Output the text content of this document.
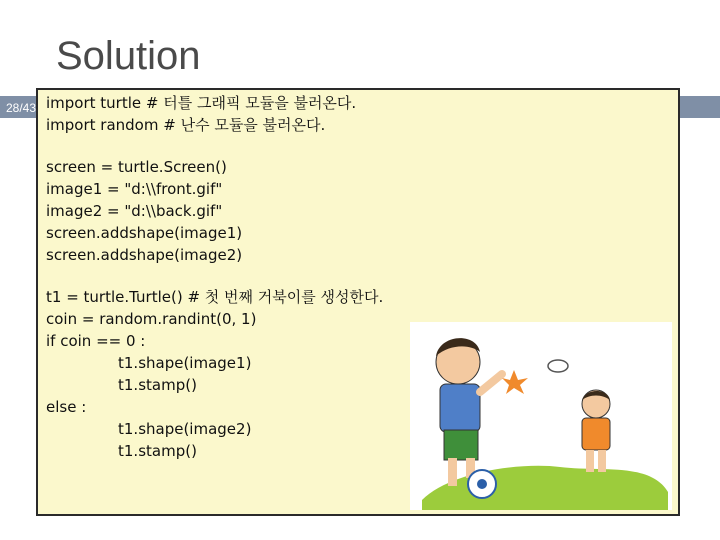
Solution
28/43 import turtle # 터틀 그래픽 모듈을 불러온다.
import random # 난수 모듈을 불러온다.
screen = turtle.Screen()
image1 = "d:\\front.gif"
image2 = "d:\\back.gif"
screen.addshape(image1)
screen.addshape(image2)
t1 = turtle.Turtle() # 첫 번째 거북이를 생성한다.
coin = random.randint(0, 1)
if coin == 0 :
t1.shape(image1)
t1.stamp()
else :
t1.shape(image2)
t1.stamp()
